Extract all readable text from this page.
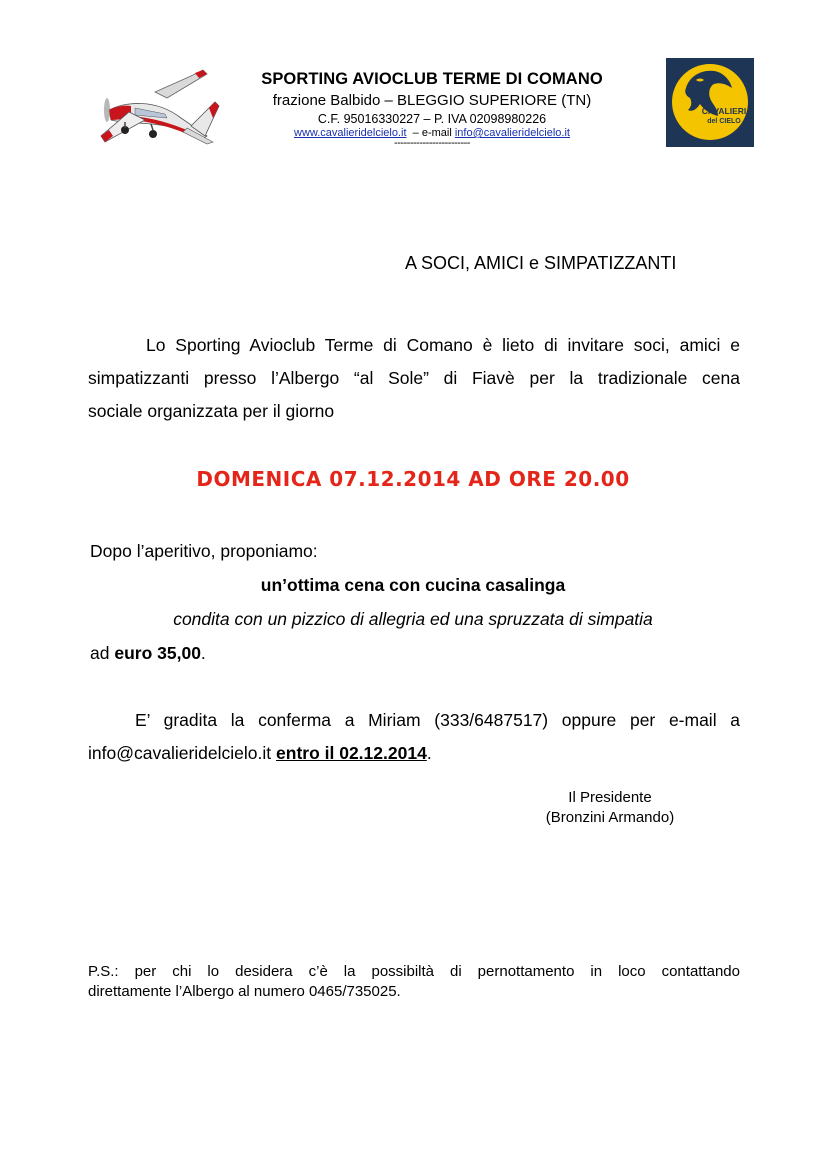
SPORTING AVIOCLUB TERME DI COMANO
frazione Balbido – BLEGGIO SUPERIORE (TN)
C.F. 95016330227 – P. IVA 02098980226
www.cavalieridelcielo.it – e-mail info@cavalieridelcielo.it
------------------------
CAVALIERI
del CIELO
A SOCI, AMICI e SIMPATIZZANTI
Lo Sporting Avioclub Terme di Comano è lieto di invitare soci, amici e
simpatizzanti presso l’Albergo “al Sole” di Fiavè per la tradizionale cena
sociale organizzata per il giorno
DOMENICA 07.12.2014 AD ORE 20.00
Dopo l’aperitivo, proponiamo:
un’ottima cena con cucina casalinga
condita con un pizzico di allegria ed una spruzzata di simpatia
ad euro 35,00.
E’ gradita la conferma a Miriam (333/6487517) oppure per e-mail a
info@cavalieridelcielo.it entro il 02.12.2014.
Il Presidente
(Bronzini Armando)
P.S.: per chi lo desidera c’è la possibiltà di pernottamento in loco contattando
direttamente l’Albergo al numero 0465/735025.
